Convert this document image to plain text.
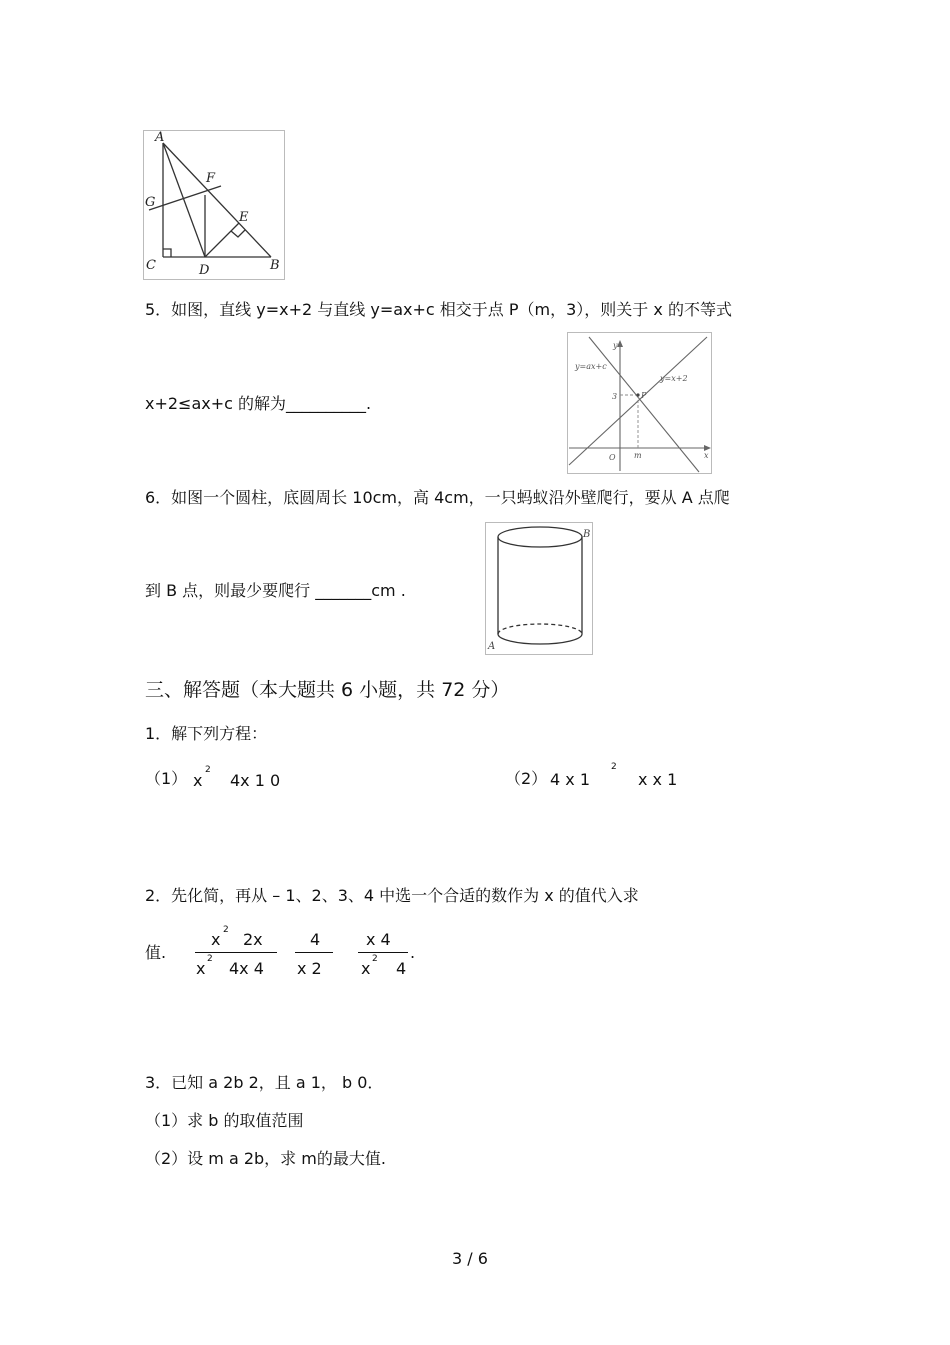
A
F
G
E
C	D	B
5．如图，直线 y=x+2 与直线 y=ax+c 相交于点 P（m，3），则关于 x 的不等式
x+2≤ax+c 的解为__________.
y=ax+c
y=x+2
3	P
O m	x
y
6．如图一个圆柱，底圆周长 10cm，高 4cm，一只蚂蚁沿外壁爬行，要从 A 点爬
到 B 点，则最少要爬行 _______cm .
B
A
三、解答题（本大题共 6 小题，共 72 分）
1．解下列方程：
（1） x
2
4x 1 0	（2） 4 x 1
2
x x 1
2．先化简，再从 – 1、2、3、4 中选一个合适的数作为 x 的值代入求
值.
x 2 2x
x 2 4x 4
4
x 2
x 4
x 2 4
.
3．已知 a 2b 2，且 a 1， b 0．
（1）求 b 的取值范围
（2）设 m a 2b，求 m的最大值.
3 / 6
